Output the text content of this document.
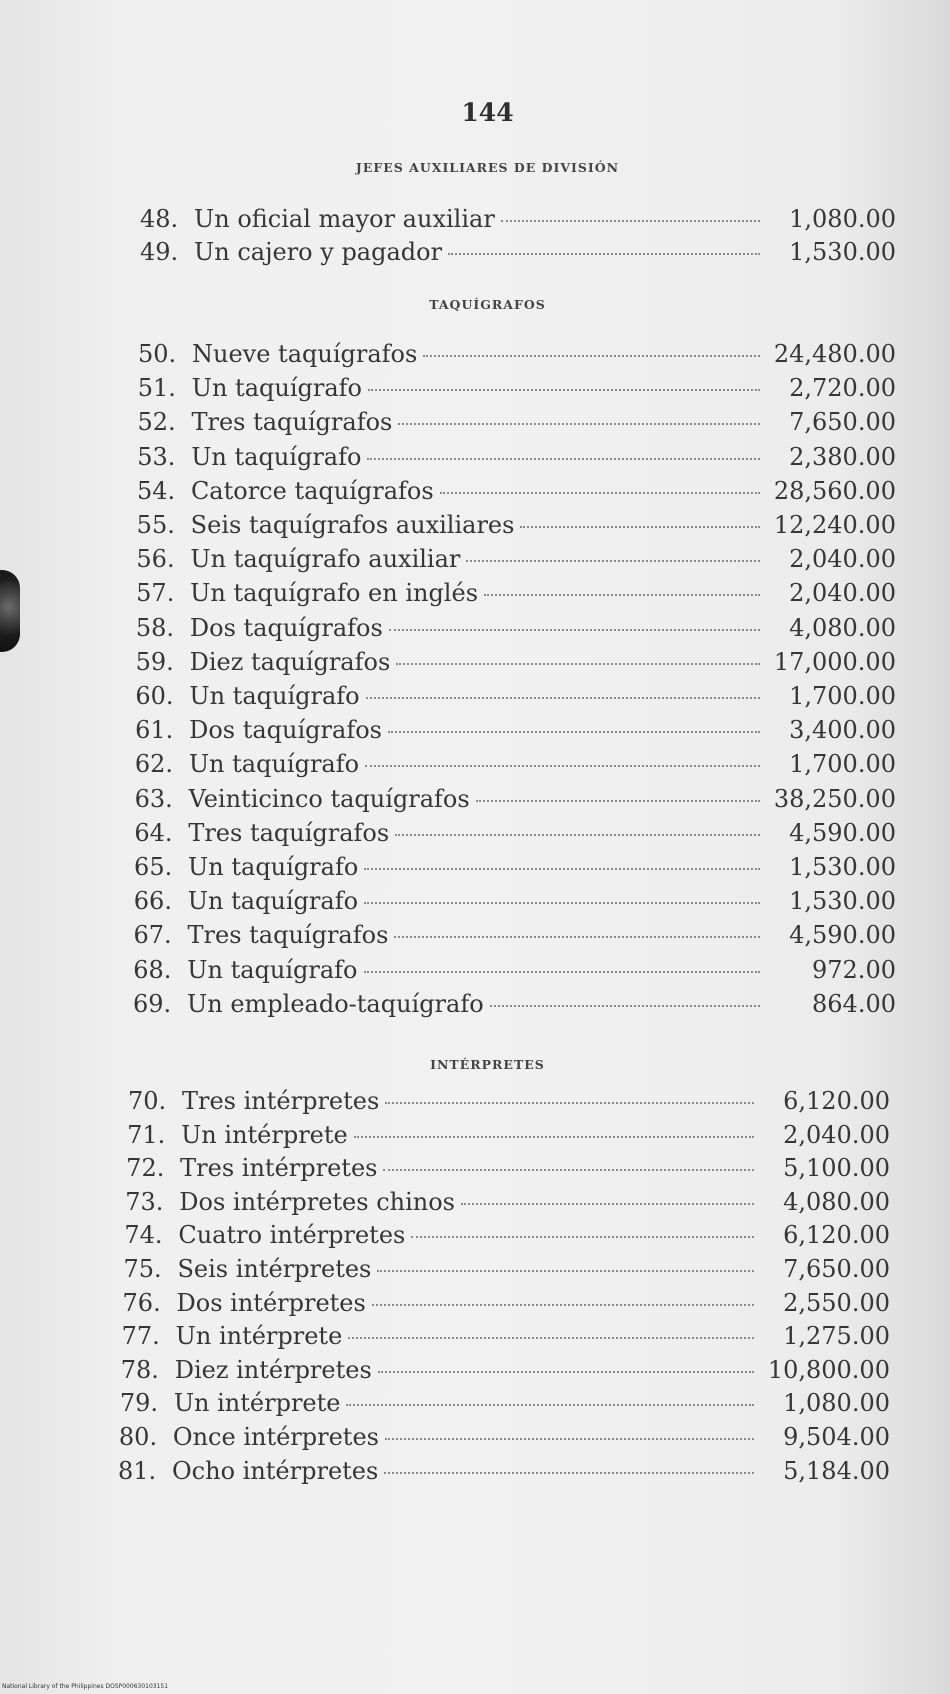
144
JEFES AUXILIARES DE DIVISIÓN
48. Un oficial mayor auxiliar	1,080.00
49. Un cajero y pagador	1,530.00
TAQUÍGRAFOS
50. Nueve taquígrafos	24,480.00
51. Un taquígrafo	2,720.00
52. Tres taquígrafos	7,650.00
53. Un taquígrafo	2,380.00
54. Catorce taquígrafos	28,560.00
55. Seis taquígrafos auxiliares	12,240.00
56. Un taquígrafo auxiliar	2,040.00
57. Un taquígrafo en inglés	2,040.00
58. Dos taquígrafos	4,080.00
59. Diez taquígrafos	17,000.00
60. Un taquígrafo	1,700.00
61. Dos taquígrafos	3,400.00
62. Un taquígrafo	1,700.00
63. Veinticinco taquígrafos	38,250.00
64. Tres taquígrafos	4,590.00
65. Un taquígrafo	1,530.00
66. Un taquígrafo	1,530.00
67. Tres taquígrafos	4,590.00
68. Un taquígrafo	972.00
69. Un empleado-taquígrafo	864.00
INTÉRPRETES
70. Tres intérpretes	6,120.00
71. Un intérprete	2,040.00
72. Tres intérpretes	5,100.00
73. Dos intérpretes chinos	4,080.00
74. Cuatro intérpretes	6,120.00
75. Seis intérpretes	7,650.00
76. Dos intérpretes	2,550.00
77. Un intérprete	1,275.00
78. Diez intérpretes	10,800.00
79. Un intérprete	1,080.00
80. Once intérpretes	9,504.00
81. Ocho intérpretes	5,184.00
National Library of the Philippines DOSP000630103151
